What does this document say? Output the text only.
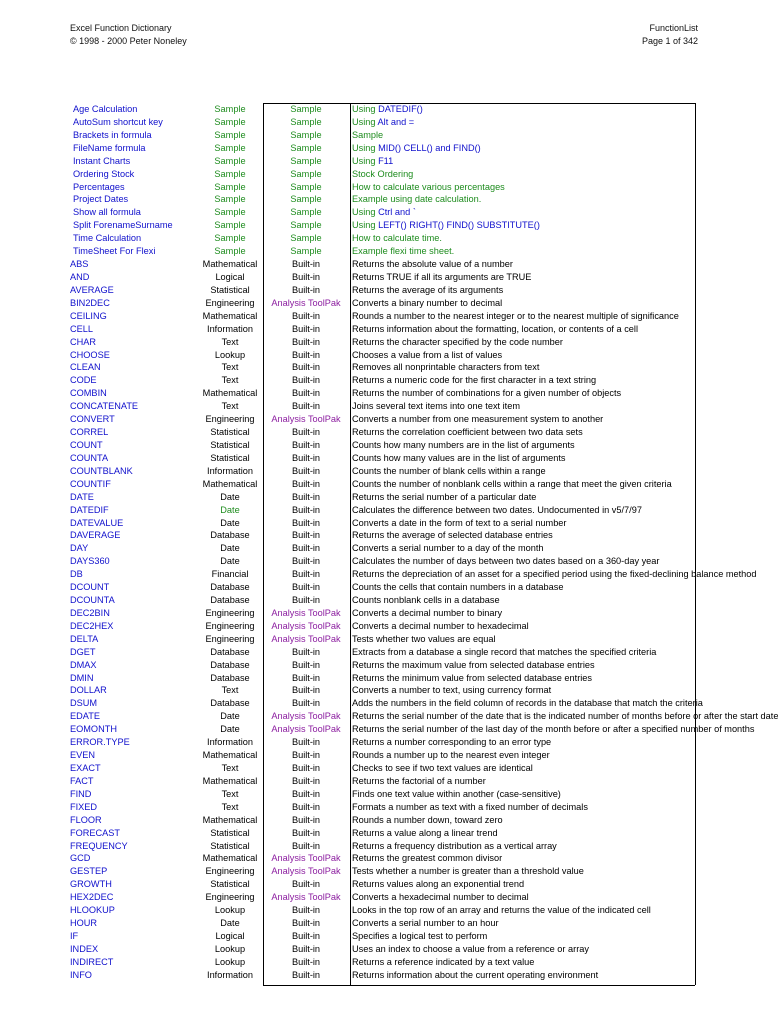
Excel Function Dictionary
© 1998 - 2000 Peter Noneley
FunctionList
Page 1 of 342
Age Calculation	Sample	Sample	Using DATEDIF()
AutoSum shortcut key	Sample	Sample	Using Alt and =
Brackets in formula	Sample	Sample	Sample
FileName formula	Sample	Sample	Using MID() CELL() and FIND()
Instant Charts	Sample	Sample	Using F11
Ordering Stock	Sample	Sample	Stock Ordering
Percentages	Sample	Sample	How to calculate various percentages
Project Dates	Sample	Sample	Example using date calculation.
Show all formula	Sample	Sample	Using Ctrl and `
Split ForenameSurname	Sample	Sample	Using LEFT() RIGHT() FIND() SUBSTITUTE()
Time Calculation	Sample	Sample	How to calculate time.
TimeSheet For Flexi	Sample	Sample	Example flexi time sheet.
ABS	Mathematical	Built-in	Returns the absolute value of a number
AND	Logical	Built-in	Returns TRUE if all its arguments are TRUE
AVERAGE	Statistical	Built-in	Returns the average of its arguments
BIN2DEC	Engineering	Analysis ToolPak	Converts a binary number to decimal
CEILING	Mathematical	Built-in	Rounds a number to the nearest integer or to the nearest multiple of significance
CELL	Information	Built-in	Returns information about the formatting, location, or contents of a cell
CHAR	Text	Built-in	Returns the character specified by the code number
CHOOSE	Lookup	Built-in	Chooses a value from a list of values
CLEAN	Text	Built-in	Removes all nonprintable characters from text
CODE	Text	Built-in	Returns a numeric code for the first character in a text string
COMBIN	Mathematical	Built-in	Returns the number of combinations for a given number of objects
CONCATENATE	Text	Built-in	Joins several text items into one text item
CONVERT	Engineering	Analysis ToolPak	Converts a number from one measurement system to another
CORREL	Statistical	Built-in	Returns the correlation coefficient between two data sets
COUNT	Statistical	Built-in	Counts how many numbers are in the list of arguments
COUNTA	Statistical	Built-in	Counts how many values are in the list of arguments
COUNTBLANK	Information	Built-in	Counts the number of blank cells within a range
COUNTIF	Mathematical	Built-in	Counts the number of nonblank cells within a range that meet the given criteria
DATE	Date	Built-in	Returns the serial number of a particular date
DATEDIF	Date	Built-in	Calculates the difference between two dates. Undocumented in v5/7/97
DATEVALUE	Date	Built-in	Converts a date in the form of text to a serial number
DAVERAGE	Database	Built-in	Returns the average of selected database entries
DAY	Date	Built-in	Converts a serial number to a day of the month
DAYS360	Date	Built-in	Calculates the number of days between two dates based on a 360-day year
DB	Financial	Built-in	Returns the depreciation of an asset for a specified period using the fixed-declining balance method
DCOUNT	Database	Built-in	Counts the cells that contain numbers in a database
DCOUNTA	Database	Built-in	Counts nonblank cells in a database
DEC2BIN	Engineering	Analysis ToolPak	Converts a decimal number to binary
DEC2HEX	Engineering	Analysis ToolPak	Converts a decimal number to hexadecimal
DELTA	Engineering	Analysis ToolPak	Tests whether two values are equal
DGET	Database	Built-in	Extracts from a database a single record that matches the specified criteria
DMAX	Database	Built-in	Returns the maximum value from selected database entries
DMIN	Database	Built-in	Returns the minimum value from selected database entries
DOLLAR	Text	Built-in	Converts a number to text, using currency format
DSUM	Database	Built-in	Adds the numbers in the field column of records in the database that match the criteria
EDATE	Date	Analysis ToolPak	Returns the serial number of the date that is the indicated number of months before or after the start date
EOMONTH	Date	Analysis ToolPak	Returns the serial number of the last day of the month before or after a specified number of months
ERROR.TYPE	Information	Built-in	Returns a number corresponding to an error type
EVEN	Mathematical	Built-in	Rounds a number up to the nearest even integer
EXACT	Text	Built-in	Checks to see if two text values are identical
FACT	Mathematical	Built-in	Returns the factorial of a number
FIND	Text	Built-in	Finds one text value within another (case-sensitive)
FIXED	Text	Built-in	Formats a number as text with a fixed number of decimals
FLOOR	Mathematical	Built-in	Rounds a number down, toward zero
FORECAST	Statistical	Built-in	Returns a value along a linear trend
FREQUENCY	Statistical	Built-in	Returns a frequency distribution as a vertical array
GCD	Mathematical	Analysis ToolPak	Returns the greatest common divisor
GESTEP	Engineering	Analysis ToolPak	Tests whether a number is greater than a threshold value
GROWTH	Statistical	Built-in	Returns values along an exponential trend
HEX2DEC	Engineering	Analysis ToolPak	Converts a hexadecimal number to decimal
HLOOKUP	Lookup	Built-in	Looks in the top row of an array and returns the value of the indicated cell
HOUR	Date	Built-in	Converts a serial number to an hour
IF	Logical	Built-in	Specifies a logical test to perform
INDEX	Lookup	Built-in	Uses an index to choose a value from a reference or array
INDIRECT	Lookup	Built-in	Returns a reference indicated by a text value
INFO	Information	Built-in	Returns information about the current operating environment
